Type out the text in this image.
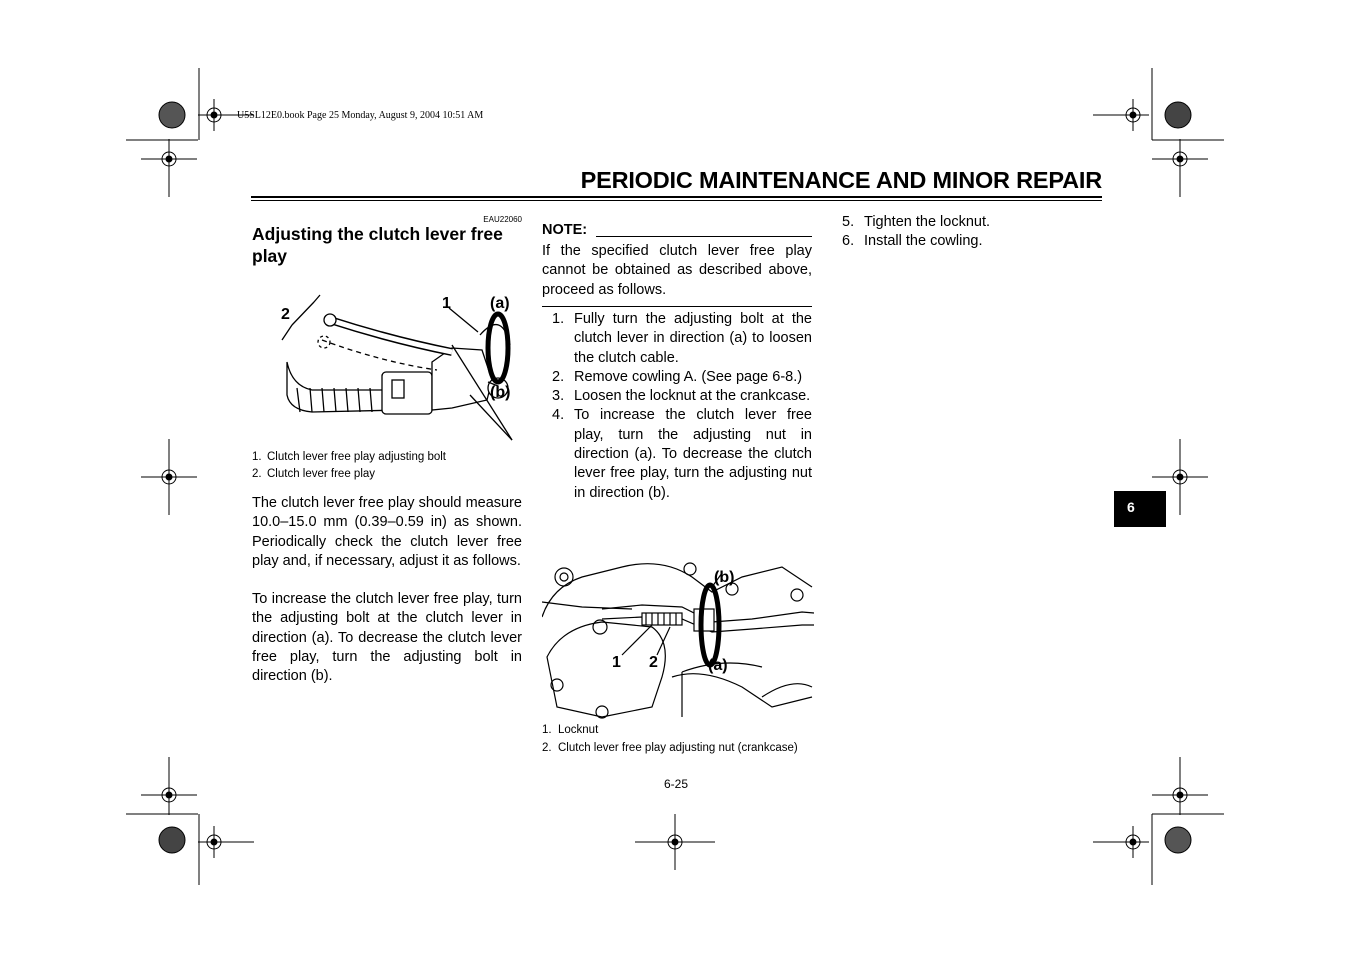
U5SL12E0.book Page 25 Monday, August 9, 2004 10:51 AM
PERIODIC MAINTENANCE AND MINOR REPAIR
6
EAU22060
Adjusting the clutch lever free play
1 (a)
2
(b)
1. Clutch lever free play adjusting bolt
2. Clutch lever free play
The clutch lever free play should measure 10.0–15.0 mm (0.39–0.59 in) as shown. Periodically check the clutch lever free play and, if necessary, adjust it as follows.
To increase the clutch lever free play, turn the adjusting bolt at the clutch lever in direction (a). To decrease the clutch lever free play, turn the adjusting bolt in direction (b).
NOTE:
If the specified clutch lever free play cannot be obtained as described above, proceed as follows.
1. Fully turn the adjusting bolt at the clutch lever in direction (a) to loosen the clutch cable.
2. Remove cowling A. (See page 6-8.)
3. Loosen the locknut at the crankcase.
4. To increase the clutch lever free play, turn the adjusting nut in direction (a). To decrease the clutch lever free play, turn the adjusting nut in direction (b).
(b)
1 2	(a)
1. Locknut
2. Clutch lever free play adjusting nut (crankcase)
5. Tighten the locknut.
6. Install the cowling.
6-25
